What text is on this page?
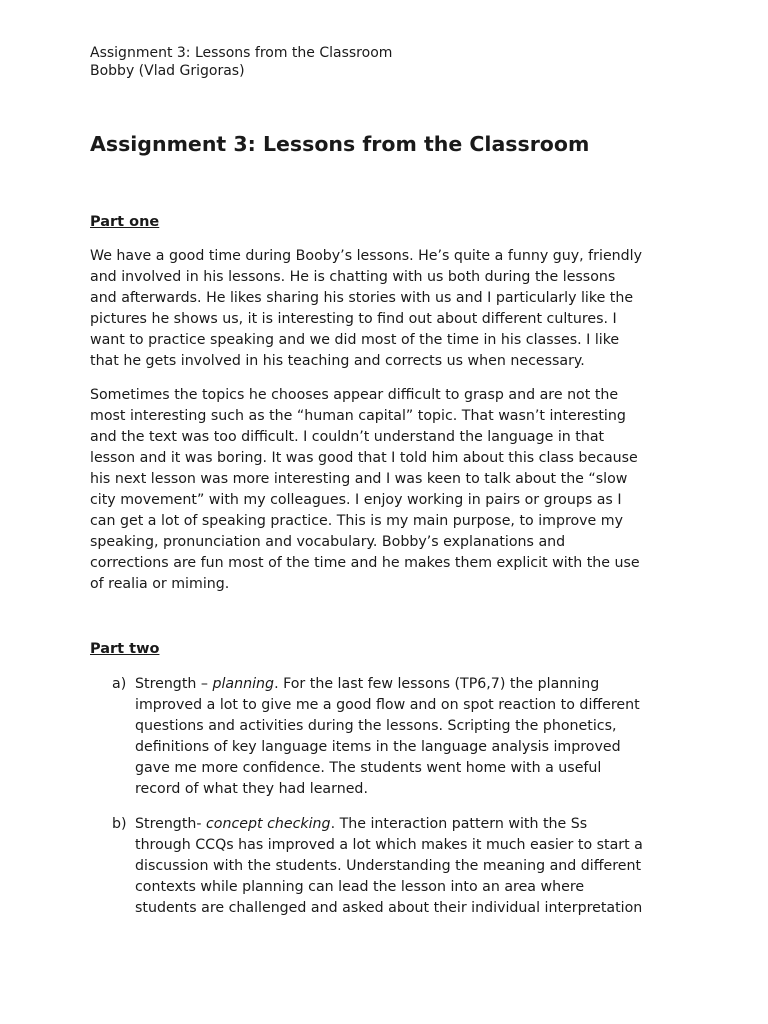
Assignment 3: Lessons from the Classroom

Bobby (Vlad Grigoras)

Assignment 3: Lessons from the Classroom
Part one
We have a good time during Booby’s lessons. He’s quite a funny guy, friendly
and involved in his lessons. He is chatting with us both during the lessons
and afterwards. He likes sharing his stories with us and I particularly like the
pictures he shows us, it is interesting to find out about different cultures. I
want to practice speaking and we did most of the time in his classes. I like
that he gets involved in his teaching and corrects us when necessary.
Sometimes the topics he chooses appear difficult to grasp and are not the
most interesting such as the “human capital” topic. That wasn’t interesting
and the text was too difficult. I couldn’t understand the language in that
lesson and it was boring. It was good that I told him about this class because
his next lesson was more interesting and I was keen to talk about the “slow
city movement” with my colleagues. I enjoy working in pairs or groups as I
can get a lot of speaking practice. This is my main purpose, to improve my
speaking, pronunciation and vocabulary. Bobby’s explanations and
corrections are fun most of the time and he makes them explicit with the use
of realia or miming.
Part two
a) Strength – planning. For the last few lessons (TP6,7) the planning
improved a lot to give me a good flow and on spot reaction to different
questions and activities during the lessons. Scripting the phonetics,
definitions of key language items in the language analysis improved
gave me more confidence. The students went home with a useful
record of what they had learned.
b) Strength- concept checking. The interaction pattern with the Ss
through CCQs has improved a lot which makes it much easier to start a
discussion with the students. Understanding the meaning and different
contexts while planning can lead the lesson into an area where
students are challenged and asked about their individual interpretation
